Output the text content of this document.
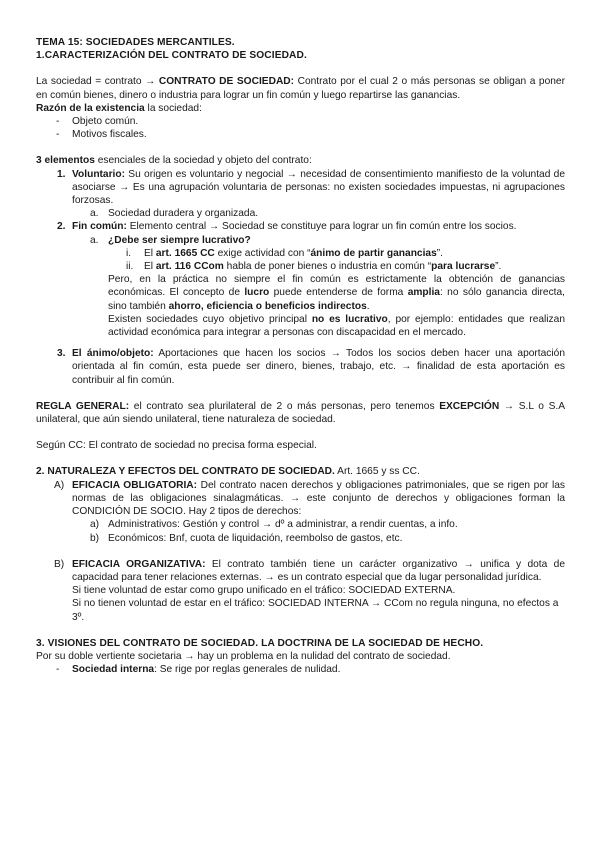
TEMA 15: SOCIEDADES MERCANTILES.

1.CARACTERIZACIÓN DEL CONTRATO DE SOCIEDAD.

La sociedad = contrato → CONTRATO DE SOCIEDAD: Contrato por el cual 2 o más personas se obligan a poner en común bienes, dinero o industria para lograr un fin común y luego repartirse las ganancias.

Razón de la existencia la sociedad:

- Objeto común.
- Motivos fiscales.

3 elementos esenciales de la sociedad y objeto del contrato:

1. Voluntario: Su origen es voluntario y negocial → necesidad de consentimiento manifiesto de la voluntad de asociarse → Es una agrupación voluntaria de personas: no existen sociedades impuestas, ni agrupaciones forzosas.
a. Sociedad duradera y organizada.
2. Fin común: Elemento central → Sociedad se constituye para lograr un fin común entre los socios.
a. ¿Debe ser siempre lucrativo?
i. El art. 1665 CC exige actividad con “ánimo de partir ganancias”.
ii. El art. 116 CCom habla de poner bienes o industria en común “para lucrarse”.

Pero, en la práctica no siempre el fin común es estrictamente la obtención de ganancias económicas. El concepto de lucro puede entenderse de forma amplia: no sólo ganancia directa, sino también ahorro, eficiencia o beneficios indirectos.

Existen sociedades cuyo objetivo principal no es lucrativo, por ejemplo: entidades que realizan actividad económica para integrar a personas con discapacidad en el mercado.

3. El ánimo/objeto: Aportaciones que hacen los socios → Todos los socios deben hacer una aportación orientada al fin común, esta puede ser dinero, bienes, trabajo, etc. → finalidad de esta aportación es contribuir al fin común.

REGLA GENERAL: el contrato sea plurilateral de 2 o más personas, pero tenemos EXCEPCIÓN → S.L o S.A unilateral, que aún siendo unilateral, tiene naturaleza de sociedad.

Según CC: El contrato de sociedad no precisa forma especial.

2. NATURALEZA Y EFECTOS DEL CONTRATO DE SOCIEDAD. Art. 1665 y ss CC.

A) EFICACIA OBLIGATORIA: Del contrato nacen derechos y obligaciones patrimoniales, que se rigen por las normas de las obligaciones sinalagmáticas. → este conjunto de derechos y obligaciones forman la CONDICIÓN DE SOCIO. Hay 2 tipos de derechos:
a) Administrativos: Gestión y control → dº a administrar, a rendir cuentas, a info.
b) Económicos: Bnf, cuota de liquidación, reembolso de gastos, etc.
B) EFICACIA ORGANIZATIVA: El contrato también tiene un carácter organizativo → unifica y dota de capacidad para tener relaciones externas. → es un contrato especial que da lugar personalidad jurídica.

Si tiene voluntad de estar como grupo unificado en el tráfico: SOCIEDAD EXTERNA.

Si no tienen voluntad de estar en el tráfico: SOCIEDAD INTERNA → CCom no regula ninguna, no efectos a 3º.

3. VISIONES DEL CONTRATO DE SOCIEDAD. LA DOCTRINA DE LA SOCIEDAD DE HECHO.

Por su doble vertiente societaria → hay un problema en la nulidad del contrato de sociedad.

- Sociedad interna: Se rige por reglas generales de nulidad.
